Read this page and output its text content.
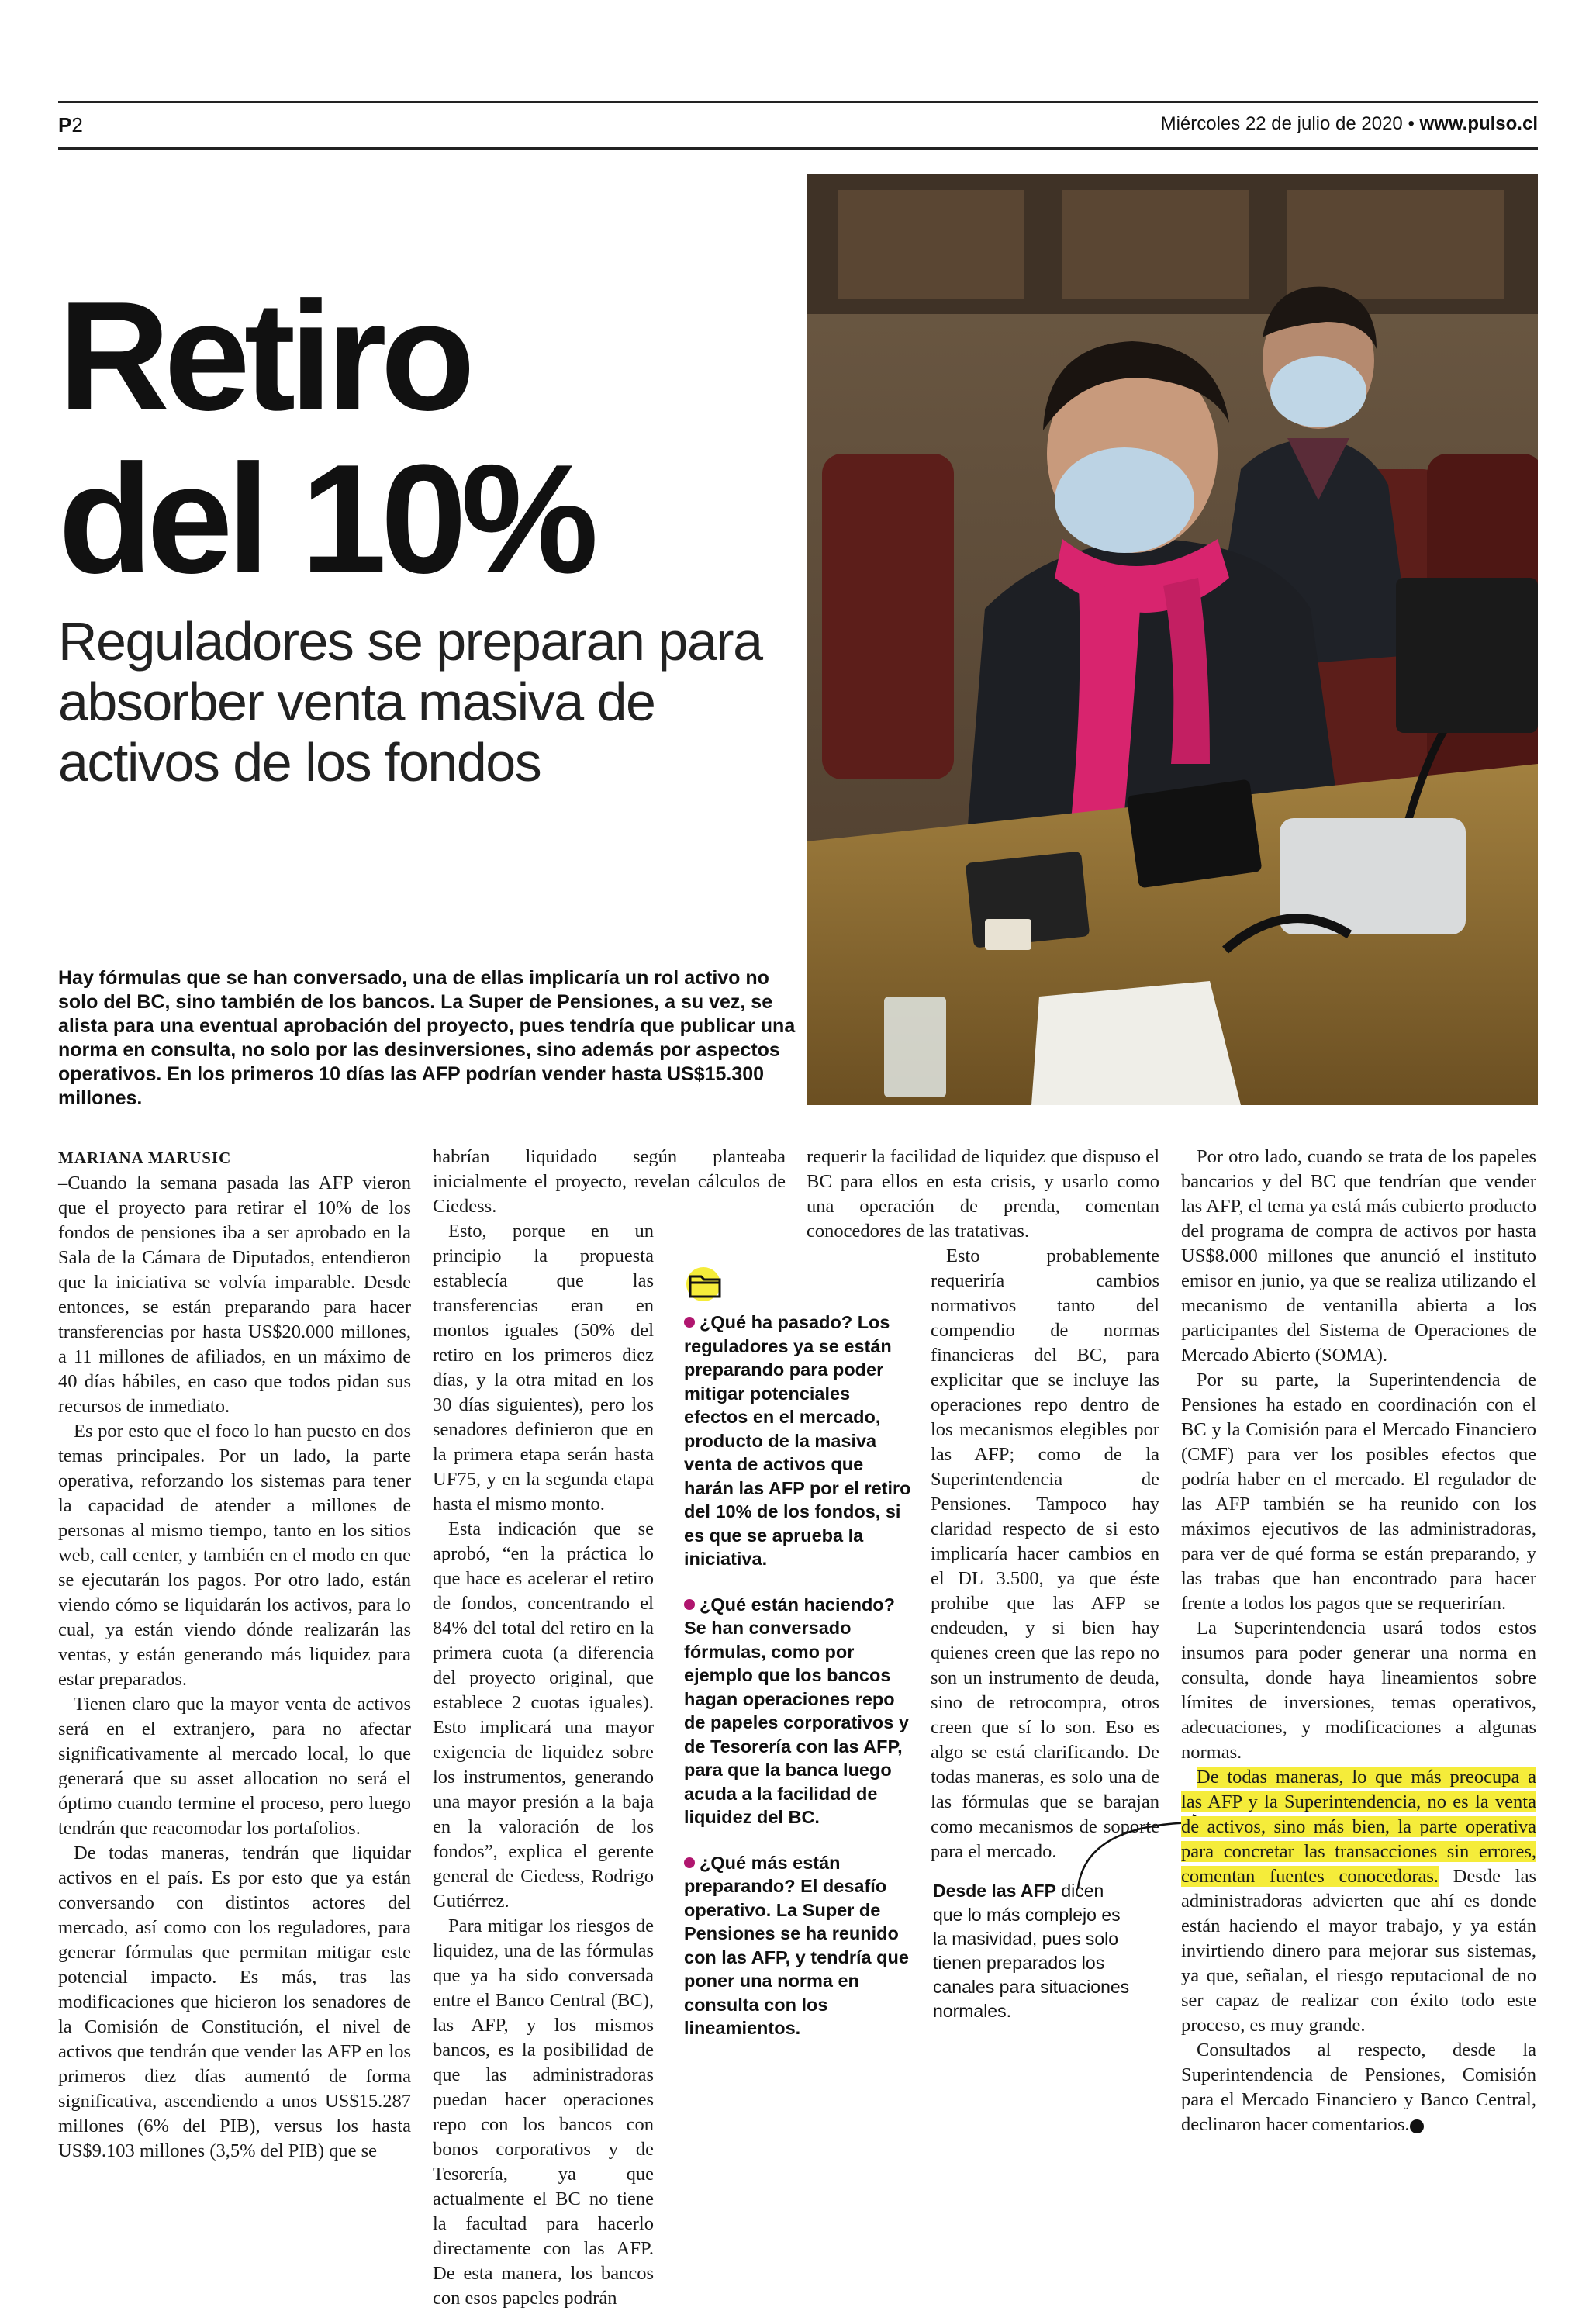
P2	Miércoles 22 de julio de 2020 • www.pulso.cl
Retiro
del 10%
Reguladores se preparan para absorber venta masiva de activos de los fondos
Hay fórmulas que se han conversado, una de ellas implicaría un rol activo no solo del BC, sino también de los bancos. La Super de Pensiones, a su vez, se alista para una eventual aprobación del proyecto, pues tendría que publicar una norma en consulta, no solo por las desinversiones, sino además por aspectos operativos. En los primeros 10 días las AFP podrían vender hasta US$15.300 millones.
MARIANA MARUSIC

–Cuando la semana pasada las AFP vieron que el proyecto para retirar el 10% de los fondos de pensiones iba a ser aprobado en la Sala de la Cámara de Diputados, entendieron que la iniciativa se volvía imparable. Desde entonces, se están preparando para hacer transferencias por hasta US$20.000 millones, a 11 millones de afiliados, en un máximo de 40 días hábiles, en caso que todos pidan sus recursos de inmediato.

Es por esto que el foco lo han puesto en dos temas principales. Por un lado, la parte operativa, reforzando los sistemas para tener la capacidad de atender a millones de personas al mismo tiempo, tanto en los sitios web, call center, y también en el modo en que se ejecutarán los pagos. Por otro lado, están viendo cómo se liquidarán los activos, para lo cual, ya están viendo dónde realizarán las ventas, y están generando más liquidez para estar preparados.

Tienen claro que la mayor venta de activos será en el extranjero, para no afectar significativamente al mercado local, lo que generará que su asset allocation no será el óptimo cuando termine el proceso, pero luego tendrán que reacomodar los portafolios.

De todas maneras, tendrán que liquidar activos en el país. Es por esto que ya están conversando con distintos actores del mercado, así como con los reguladores, para generar fórmulas que permitan mitigar este potencial impacto. Es más, tras las modificaciones que hicieron los senadores de la Comisión de Constitución, el nivel de activos que tendrán que vender las AFP en los primeros diez días aumentó de forma significativa, ascendiendo a unos US$15.287 millones (6% del PIB), versus los hasta US$9.103 millones (3,5% del PIB) que se

habrían liquidado según planteaba inicialmente el proyecto, revelan cálculos de Ciedess.

Esto, porque en un principio la propuesta establecía que las transferencias eran en montos iguales (50% del retiro en los primeros diez días, y la otra mitad en los 30 días siguientes), pero los senadores definieron que en la primera etapa serán hasta UF75, y en la segunda etapa hasta el mismo monto.

Esta indicación que se aprobó, “en la práctica lo que hace es acelerar el retiro de fondos, concentrando el 84% del total del retiro en la primera cuota (a diferencia del proyecto original, que establece 2 cuotas iguales). Esto implicará una mayor exigencia de liquidez sobre los instrumentos, generando una mayor presión a la baja en la valoración de los fondos”, explica el gerente general de Ciedess, Rodrigo Gutiérrez.

Para mitigar los riesgos de liquidez, una de las fórmulas que ya ha sido conversada entre el Banco Central (BC), las AFP, y los mismos bancos, es la posibilidad de que las administradoras puedan hacer operaciones repo con los bancos con bonos corporativos y de Tesorería, ya que actualmente el BC no tiene la facultad para hacerlo directamente con las AFP. De esta manera, los bancos con esos papeles podrán

requerir la facilidad de liquidez que dispuso el BC para ellos en esta crisis, y usarlo como una operación de prenda, comentan conocedores de las tratativas.

Esto probablemente requeriría cambios normativos tanto del compendio de normas financieras del BC, para explicitar que se incluye las operaciones repo dentro de los mecanismos elegibles por las AFP; como de la Superintendencia de Pensiones. Tampoco hay claridad respecto de si esto implicaría hacer cambios en el DL 3.500, ya que éste prohibe que las AFP se endeuden, y si bien hay quienes creen que las repo no son un instrumento de deuda, sino de retrocompra, otros creen que sí lo son. Eso es algo se está clarificando. De todas maneras, es solo una de las fórmulas que se barajan como mecanismos de soporte para el mercado.

¿Qué ha pasado? Los reguladores ya se están preparando para poder mitigar potenciales efectos en el mercado, producto de la masiva venta de activos que harán las AFP por el retiro del 10% de los fondos, si es que se aprueba la iniciativa.
¿Qué están haciendo? Se han conversado fórmulas, como por ejemplo que los bancos hagan operaciones repo de papeles corporativos y de Tesorería con las AFP, para que la banca luego acuda a la facilidad de liquidez del BC.
¿Qué más están preparando? El desafío operativo. La Super de Pensiones se ha reunido con las AFP, y tendría que poner una norma en consulta con los lineamientos.
Desde las AFP dicen que lo más complejo es la masividad, pues solo tienen preparados los canales para situaciones normales.

Por otro lado, cuando se trata de los papeles bancarios y del BC que tendrían que vender las AFP, el tema ya está más cubierto producto del programa de compra de activos por hasta US$8.000 millones que anunció el instituto emisor en junio, ya que se realiza utilizando el mecanismo de ventanilla abierta a los participantes del Sistema de Operaciones de Mercado Abierto (SOMA).

Por su parte, la Superintendencia de Pensiones ha estado en coordinación con el BC y la Comisión para el Mercado Financiero (CMF) para ver los posibles efectos que podría haber en el mercado. El regulador de las AFP también se ha reunido con los máximos ejecutivos de las administradoras, para ver de qué forma se están preparando, y las trabas que han encontrado para hacer frente a todos los pagos que se requerirían.

La Superintendencia usará todos estos insumos para poder generar una norma en consulta, donde haya lineamientos sobre límites de inversiones, temas operativos, adecuaciones, y modificaciones a algunas normas.

De todas maneras, lo que más preocupa a las AFP y la Superintendencia, no es la venta de activos, sino más bien, la parte operativa para concretar las transacciones sin errores, comentan fuentes conocedoras. Desde las administradoras advierten que ahí es donde están haciendo el mayor trabajo, y ya están invirtiendo dinero para mejorar sus sistemas, ya que, señalan, el riesgo reputacional de no ser capaz de realizar con éxito todo este proceso, es muy grande.

Consultados al respecto, desde la Superintendencia de Pensiones, Comisión para el Mercado Financiero y Banco Central, declinaron hacer comentarios. P
